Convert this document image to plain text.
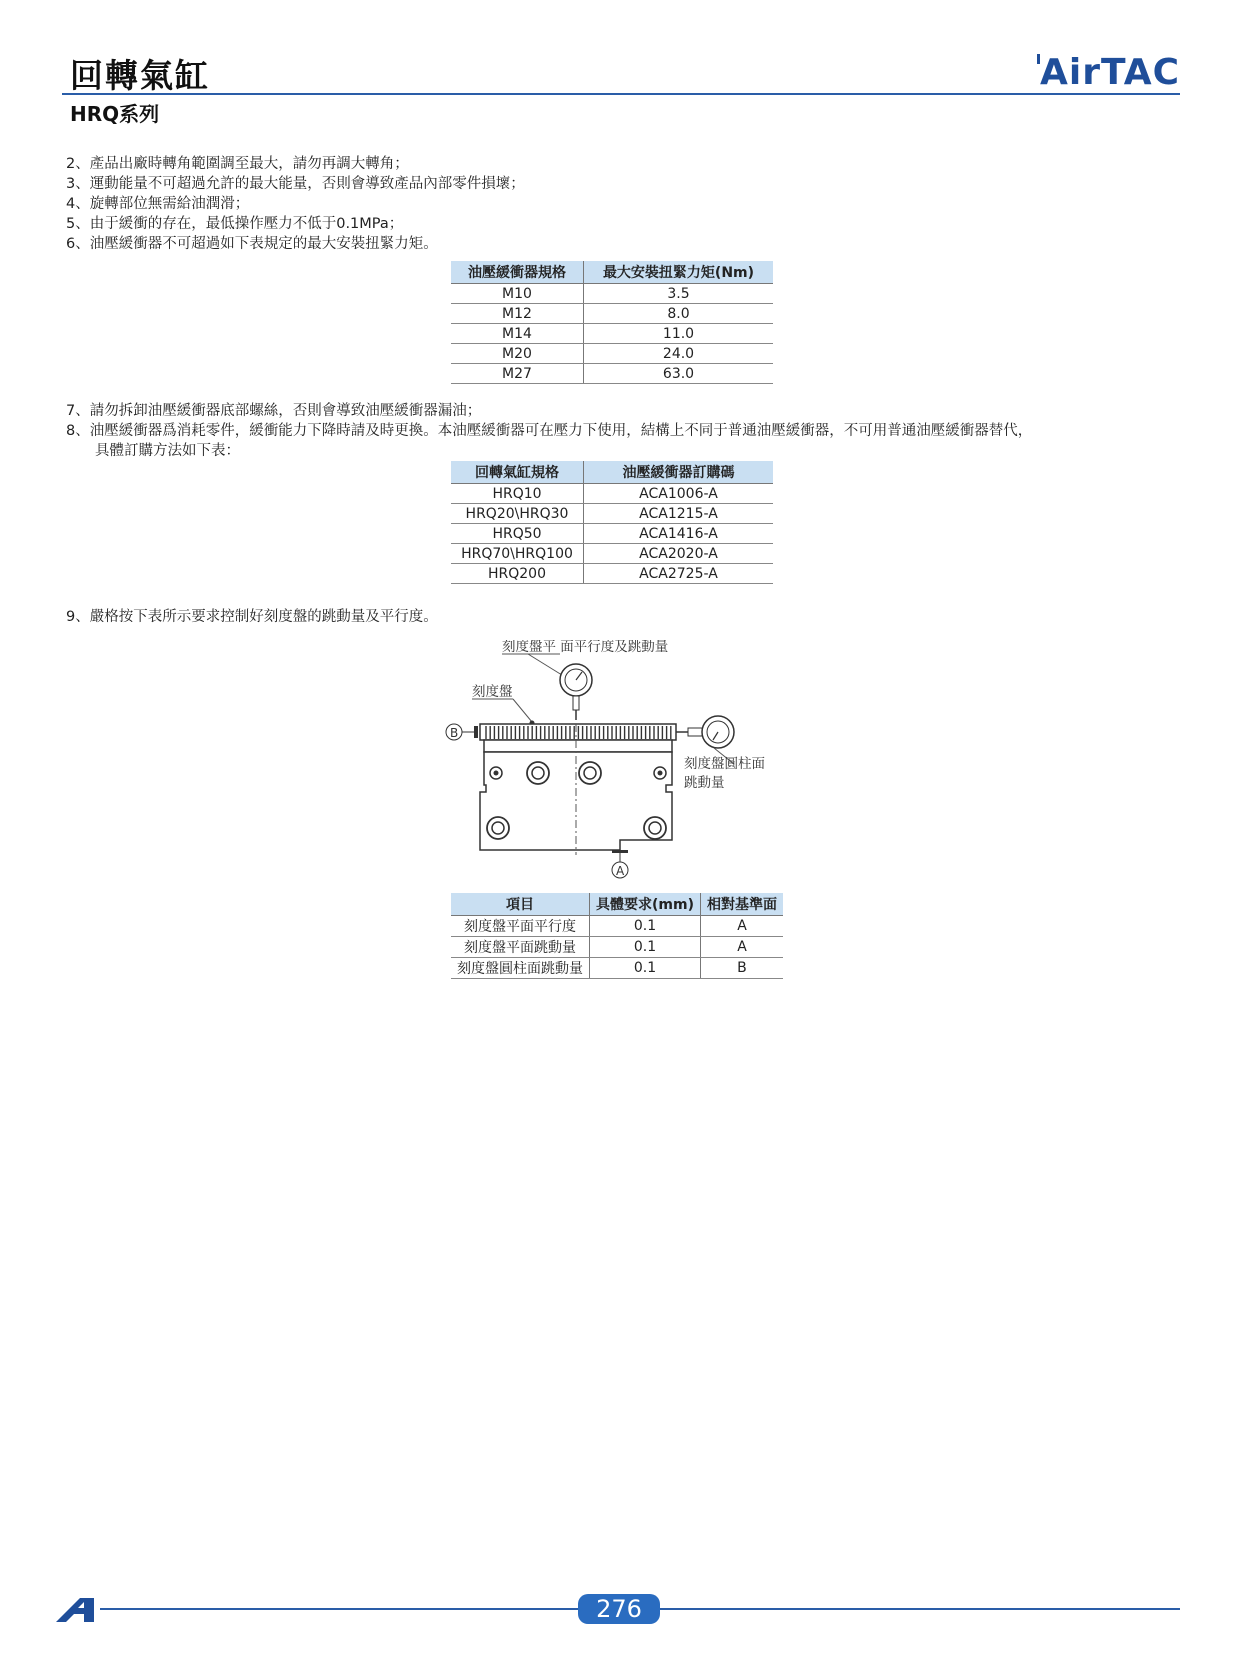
回轉氣缸
HRQ系列
AirTAC
2、產品出廠時轉角範圍調至最大，請勿再調大轉角；
3、運動能量不可超過允許的最大能量，否則會導致產品內部零件損壞；
4、旋轉部位無需給油潤滑；
5、由于緩衝的存在，最低操作壓力不低于0.1MPa；
6、油壓緩衝器不可超過如下表規定的最大安裝扭緊力矩。
油壓緩衝器規格	最大安裝扭緊力矩(Nm)
M10	3.5
M12	8.0
M14	11.0
M20	24.0
M27	63.0
7、請勿拆卸油壓緩衝器底部螺絲，否則會導致油壓緩衝器漏油；
8、油壓緩衝器爲消耗零件，緩衝能力下降時請及時更換。本油壓緩衝器可在壓力下使用，結構上不同于普通油壓緩衝器，不可用普通油壓緩衝器替代，
　　具體訂購方法如下表：
回轉氣缸規格	油壓緩衝器訂購碼
HRQ10	ACA1006-A
HRQ20\HRQ30	ACA1215-A
HRQ50	ACA1416-A
HRQ70\HRQ100	ACA2020-A
HRQ200	ACA2725-A
9、嚴格按下表所示要求控制好刻度盤的跳動量及平行度。
刻度盤平 面平行度及跳動量
刻度盤
B
刻度盤圓柱面
跳動量
A
項目	具體要求(mm)	相對基準面
刻度盤平面平行度	0.1	A
刻度盤平面跳動量	0.1	A
刻度盤圓柱面跳動量	0.1	B
276
